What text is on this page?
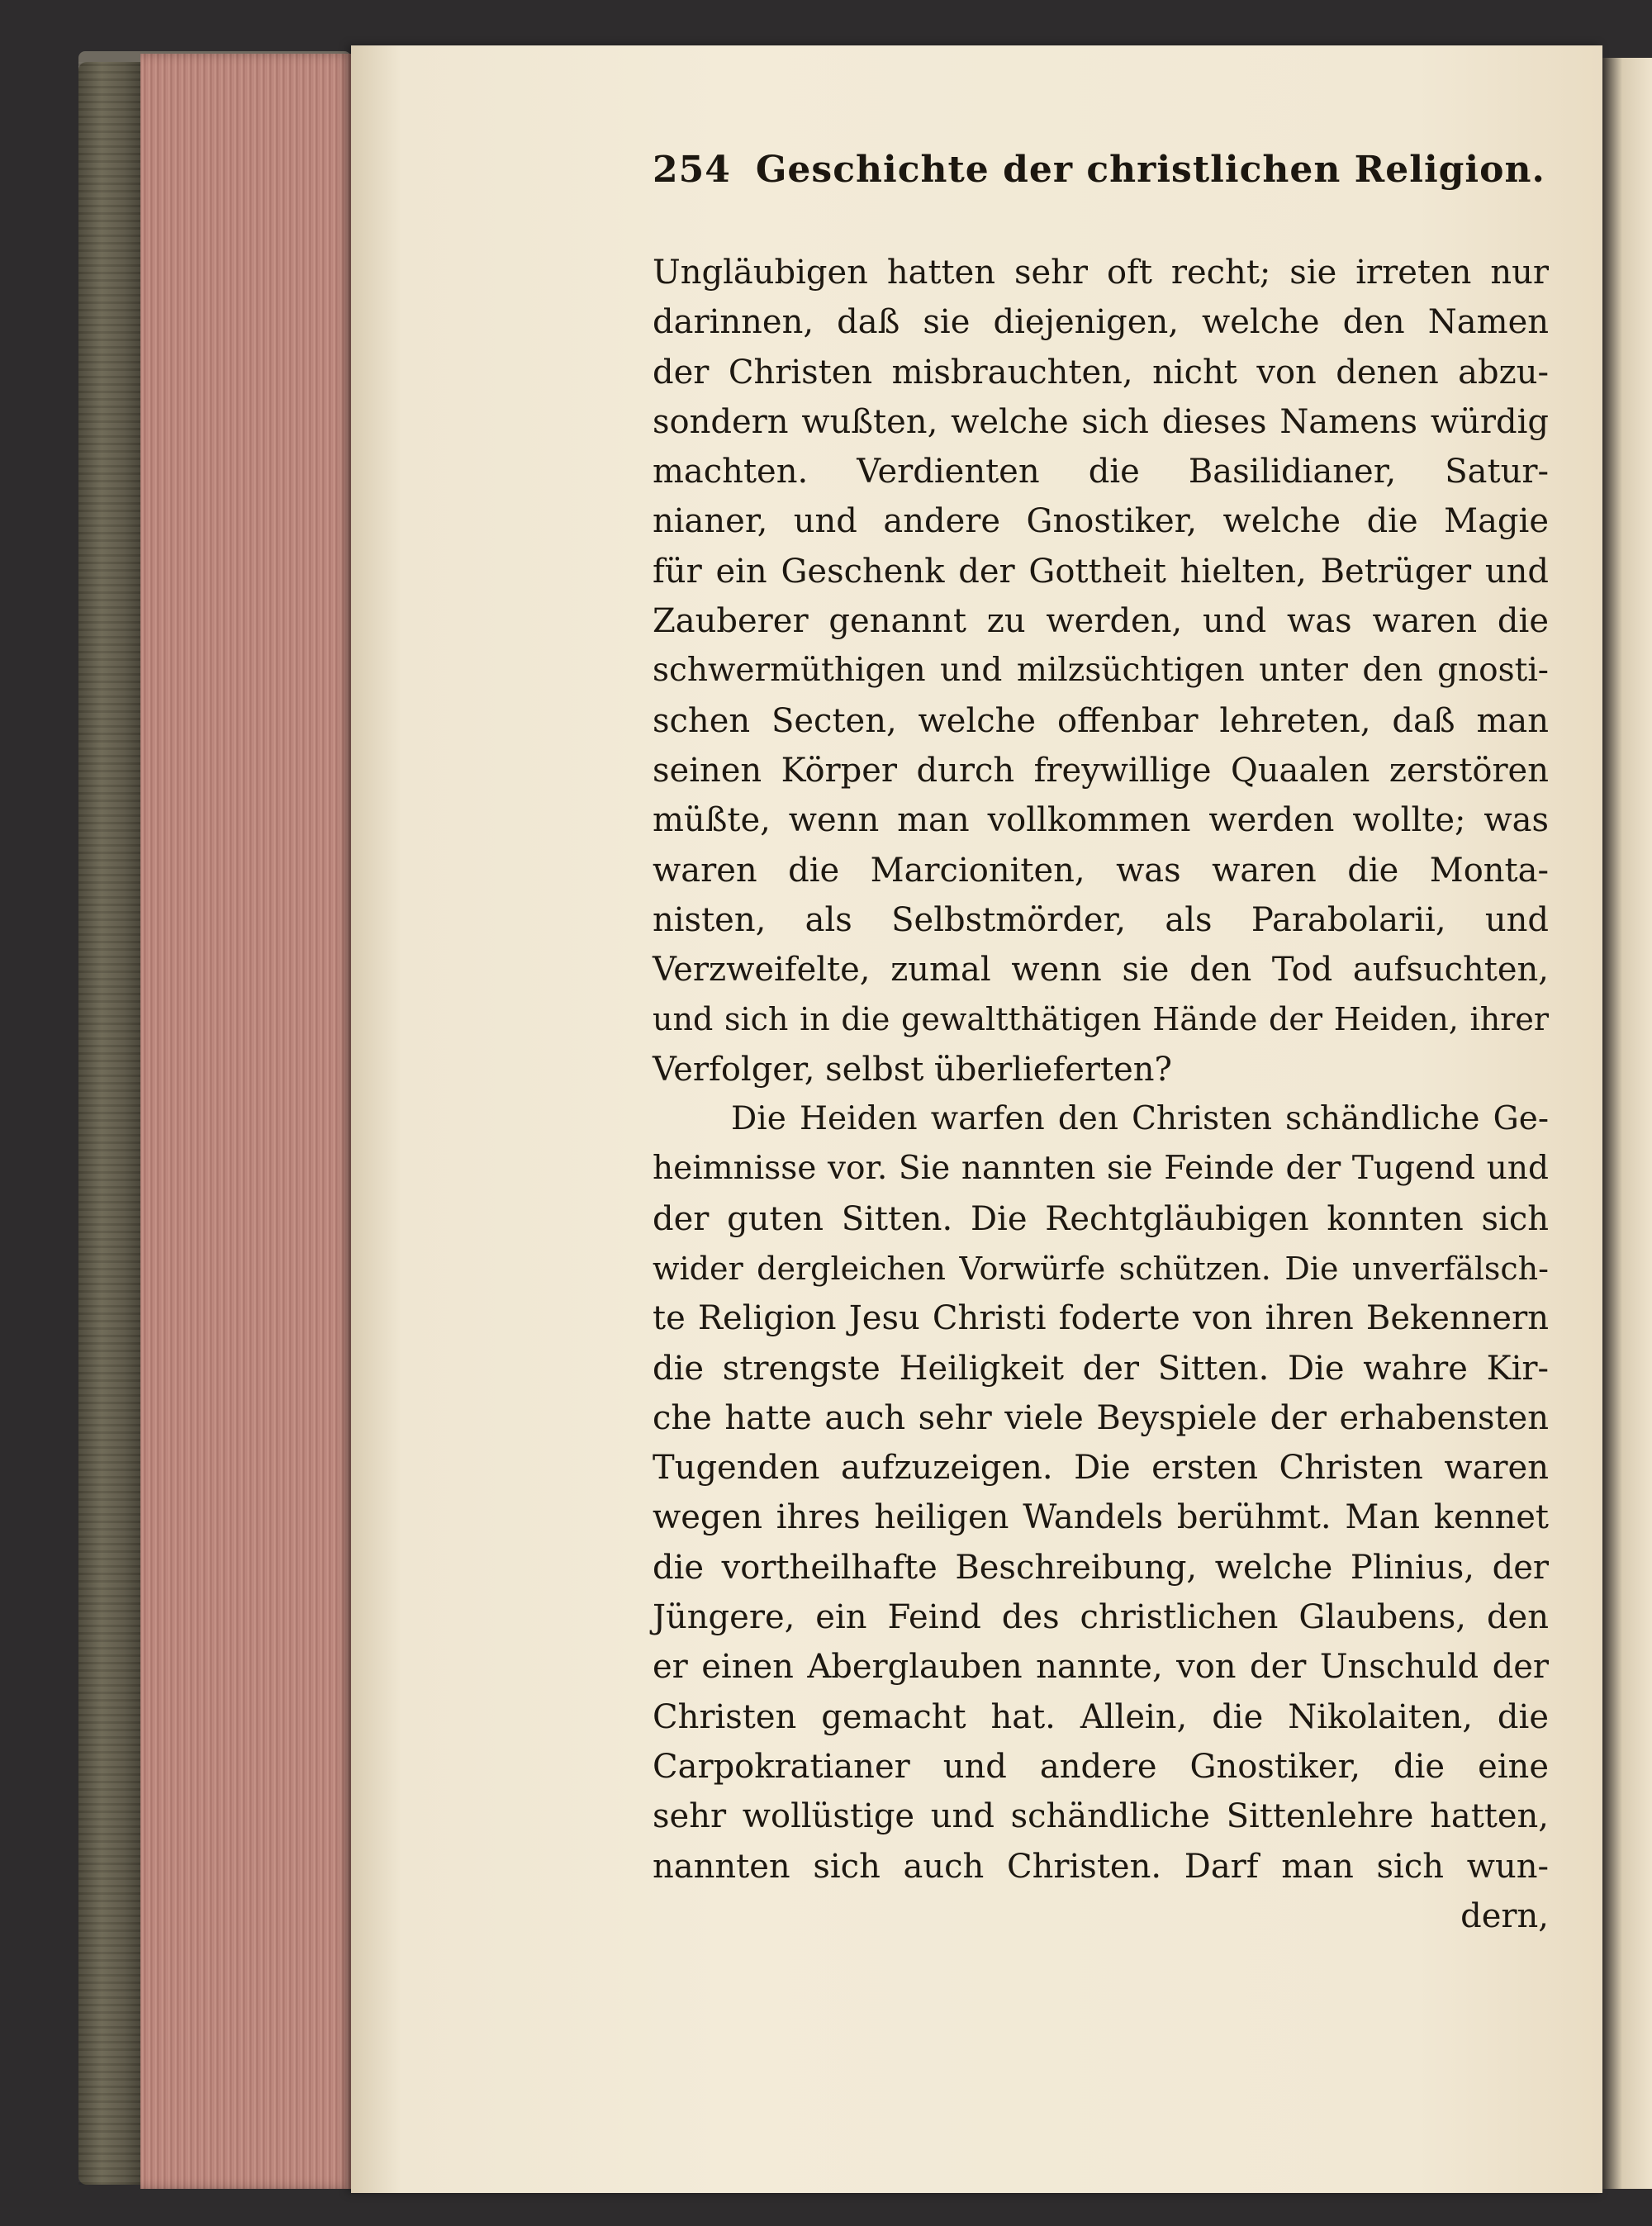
254 Geschichte der christlichen Religion.
Ungläubigen hatten sehr oft recht; sie irreten nur
darinnen, daß sie diejenigen, welche den Namen
der Christen misbrauchten, nicht von denen abzu-
sondern wußten, welche sich dieses Namens würdig
machten. Verdienten die Basilidianer, Satur-
nianer, und andere Gnostiker, welche die Magie
für ein Geschenk der Gottheit hielten, Betrüger und
Zauberer genannt zu werden, und was waren die
schwermüthigen und milzsüchtigen unter den gnosti-
schen Secten, welche offenbar lehreten, daß man
seinen Körper durch freywillige Quaalen zerstören
müßte, wenn man vollkommen werden wollte; was
waren die Marcioniten, was waren die Monta-
nisten, als Selbstmörder, als Parabolarii, und
Verzweifelte, zumal wenn sie den Tod aufsuchten,
und sich in die gewaltthätigen Hände der Heiden, ihrer
Verfolger, selbst überlieferten?
Die Heiden warfen den Christen schändliche Ge-
heimnisse vor. Sie nannten sie Feinde der Tugend und
der guten Sitten. Die Rechtgläubigen konnten sich
wider dergleichen Vorwürfe schützen. Die unverfälsch-
te Religion Jesu Christi foderte von ihren Bekennern
die strengste Heiligkeit der Sitten. Die wahre Kir-
che hatte auch sehr viele Beyspiele der erhabensten
Tugenden aufzuzeigen. Die ersten Christen waren
wegen ihres heiligen Wandels berühmt. Man kennet
die vortheilhafte Beschreibung, welche Plinius, der
Jüngere, ein Feind des christlichen Glaubens, den
er einen Aberglauben nannte, von der Unschuld der
Christen gemacht hat. Allein, die Nikolaiten, die
Carpokratianer und andere Gnostiker, die eine
sehr wollüstige und schändliche Sittenlehre hatten,
nannten sich auch Christen. Darf man sich wun-
dern,
